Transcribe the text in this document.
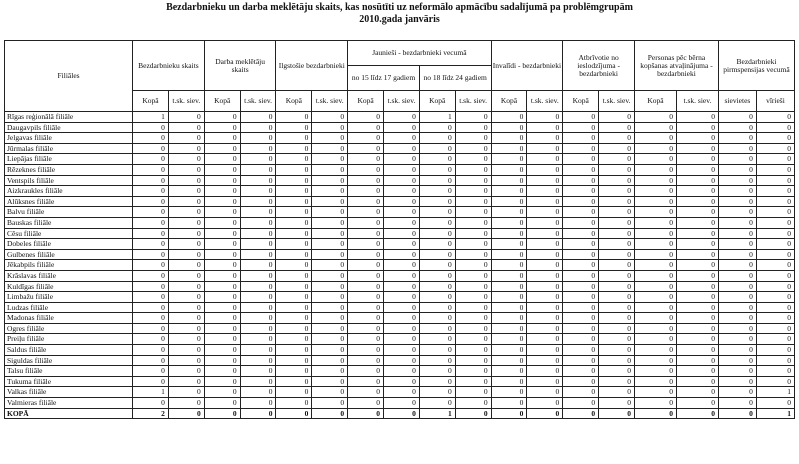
Bezdarbnieku un darba meklētāju skaits, kas nosūtīti uz neformālo apmācību sadalījumā pa problēmgrupām
2010.gada janvāris
Filiāles	Bezdarbnieku skaits		Darba meklētāju skaits		Ilgstošie bezdarbnieki		Jaunieši - bezdarbnieki vecumā				Invalīdi - bezdarbnieki		Atbrīvotie no ieslodzījuma - bezdarbnieki		Personas pēc bērna kopšanas atvaļinājuma - bezdarbnieki		Bezdarbnieki pirmspensijas vecumā	
							no 15 līdz 17 gadiem		no 18 līdz 24 gadiem									
	Kopā	t.sk. siev.	Kopā	t.sk. siev.	Kopā	t.sk. siev.	Kopā	t.sk. siev.	Kopā	t.sk. siev.	Kopā	t.sk. siev.	Kopā	t.sk. siev.	Kopā	t.sk. siev.	sievietes	vīrieši
Rīgas reģionālā filiāle	1	0	0	0	0	0	0	0	1	0	0	0	0	0	0	0	0	0
Daugavpils filiāle	0	0	0	0	0	0	0	0	0	0	0	0	0	0	0	0	0	0
Jelgavas filiāle	0	0	0	0	0	0	0	0	0	0	0	0	0	0	0	0	0	0
Jūrmalas filiāle	0	0	0	0	0	0	0	0	0	0	0	0	0	0	0	0	0	0
Liepājas filiāle	0	0	0	0	0	0	0	0	0	0	0	0	0	0	0	0	0	0
Rēzeknes filiāle	0	0	0	0	0	0	0	0	0	0	0	0	0	0	0	0	0	0
Ventspils filiāle	0	0	0	0	0	0	0	0	0	0	0	0	0	0	0	0	0	0
Aizkraukles filiāle	0	0	0	0	0	0	0	0	0	0	0	0	0	0	0	0	0	0
Alūksnes filiāle	0	0	0	0	0	0	0	0	0	0	0	0	0	0	0	0	0	0
Balvu filiāle	0	0	0	0	0	0	0	0	0	0	0	0	0	0	0	0	0	0
Bauskas filiāle	0	0	0	0	0	0	0	0	0	0	0	0	0	0	0	0	0	0
Cēsu filiāle	0	0	0	0	0	0	0	0	0	0	0	0	0	0	0	0	0	0
Dobeles filiāle	0	0	0	0	0	0	0	0	0	0	0	0	0	0	0	0	0	0
Gulbenes filiāle	0	0	0	0	0	0	0	0	0	0	0	0	0	0	0	0	0	0
Jēkabpils filiāle	0	0	0	0	0	0	0	0	0	0	0	0	0	0	0	0	0	0
Krāslavas filiāle	0	0	0	0	0	0	0	0	0	0	0	0	0	0	0	0	0	0
Kuldīgas filiāle	0	0	0	0	0	0	0	0	0	0	0	0	0	0	0	0	0	0
Limbažu filiāle	0	0	0	0	0	0	0	0	0	0	0	0	0	0	0	0	0	0
Ludzas filiāle	0	0	0	0	0	0	0	0	0	0	0	0	0	0	0	0	0	0
Madonas filiāle	0	0	0	0	0	0	0	0	0	0	0	0	0	0	0	0	0	0
Ogres filiāle	0	0	0	0	0	0	0	0	0	0	0	0	0	0	0	0	0	0
Preiļu filiāle	0	0	0	0	0	0	0	0	0	0	0	0	0	0	0	0	0	0
Saldus filiāle	0	0	0	0	0	0	0	0	0	0	0	0	0	0	0	0	0	0
Siguldas filiāle	0	0	0	0	0	0	0	0	0	0	0	0	0	0	0	0	0	0
Talsu filiāle	0	0	0	0	0	0	0	0	0	0	0	0	0	0	0	0	0	0
Tukuma filiāle	0	0	0	0	0	0	0	0	0	0	0	0	0	0	0	0	0	0
Valkas filiāle	1	0	0	0	0	0	0	0	0	0	0	0	0	0	0	0	0	1
Valmieras filiāle	0	0	0	0	0	0	0	0	0	0	0	0	0	0	0	0	0	0
KOPĀ	2	0	0	0	0	0	0	0	1	0	0	0	0	0	0	0	0	1
